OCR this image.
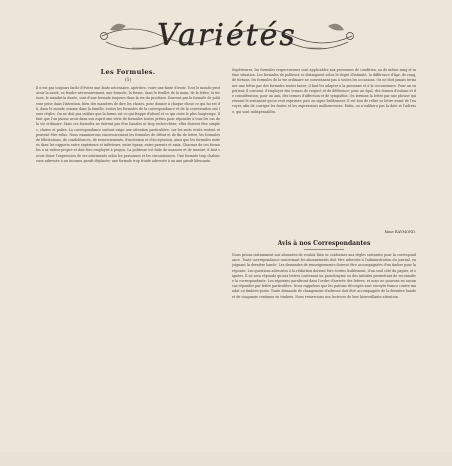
Variétés

Les Formules.

(1)

Il n'est pas toujours facile d'éviter une faute nécessaire, apéritive, voire une faute d'avoir. Tout le monde peut avoir la santé, se fendre nécessairement, une formule, la forme, dans le feuillet de la main, de la lettre, la fortune, le mandat la durée, sont d'une formule toujours dans la vie du prochain. Souvent par la formule de politesse prise dans l'intention, bien des manières de dire les choses, pour donner à chaque chose ce qui lui est dû, dans le monde comme dans la famille, toutes les formules de la correspondance et de la conversation ont leurs règles. On ne doit pas oublier que la forme est ce qui frappe d'abord et ce qui reste le plus longtemps. Il faut que l'on puisse avoir dans son esprit une série de formules toutes prêtes pour répondre à tous les cas de la vie ordinaire. Mais ces formules ne doivent pas être banales ni trop recherchées; elles doivent être simples, claires et polies. La correspondance surtout exige une attention particulière, car les mots écrits restent et peuvent être relus. Nous examinerons successivement les formules de début et de fin de lettre, les formules de félicitations, de condoléances, de remerciements, d'invitation et d'acceptation, ainsi que les formules usitées dans les rapports entre supérieurs et inférieurs, entre égaux, entre parents et amis. Chacune de ces formules a sa valeur propre et doit être employée à propos. La politesse est faite de nuances et de mesure; il faut savoir doser l'expression de ses sentiments selon les personnes et les circonstances. Une formule trop chaleureuse adressée à un inconnu paraît déplacée; une formule trop froide adressée à un ami paraît blessante.

Supérieures, les formules respectueuses sont applicables aux personnes de condition, ou de même rang et même situation. Les formules de politesse se distinguent selon le degré d'intimité, la différence d'âge, de rang, de fortune, les formules de la vie ordinaire ne conviennent pas à toutes les occasions. On ne doit jamais terminer une lettre par des formules toutes faites; il faut les adapter à la personne et à la circonstance. Pour un supérieur, il convient d'employer des termes de respect et de déférence; pour un égal, des termes d'estime et de considération; pour un ami, des termes d'affection et de sympathie. On termine la lettre par une phrase qui résume le sentiment qu'on veut exprimer, puis on signe lisiblement. Il est bon de relire sa lettre avant de l'envoyer, afin de corriger les fautes et les expressions malheureuses. Enfin, on n'oubliera pas la date et l'adresse, qui sont indispensables.

Mme RAYMOND.

Avis à nos Correspondantes

Nous prions instamment nos abonnées de vouloir bien se conformer aux règles suivantes pour la correspondance. Toute correspondance concernant les abonnements doit être adressée à l'administration du journal, en joignant la dernière bande. Les demandes de renseignements doivent être accompagnées d'un timbre pour la réponse. Les questions adressées à la rédaction doivent être écrites lisiblement, d'un seul côté du papier, et signées. Il ne sera répondu qu'aux lettres contenant un pseudonyme ou des initiales permettant de reconnaître la correspondante. Les réponses paraîtront dans l'ordre d'arrivée des lettres, et nous ne pouvons en aucun cas répondre par lettre particulière. Nous rappelons que les patrons découpés sont envoyés franco contre mandat ou timbres-poste. Toute demande de changement d'adresse doit être accompagnée de la dernière bande et de cinquante centimes en timbres. Nous remercions nos lectrices de leur bienveillante attention.
